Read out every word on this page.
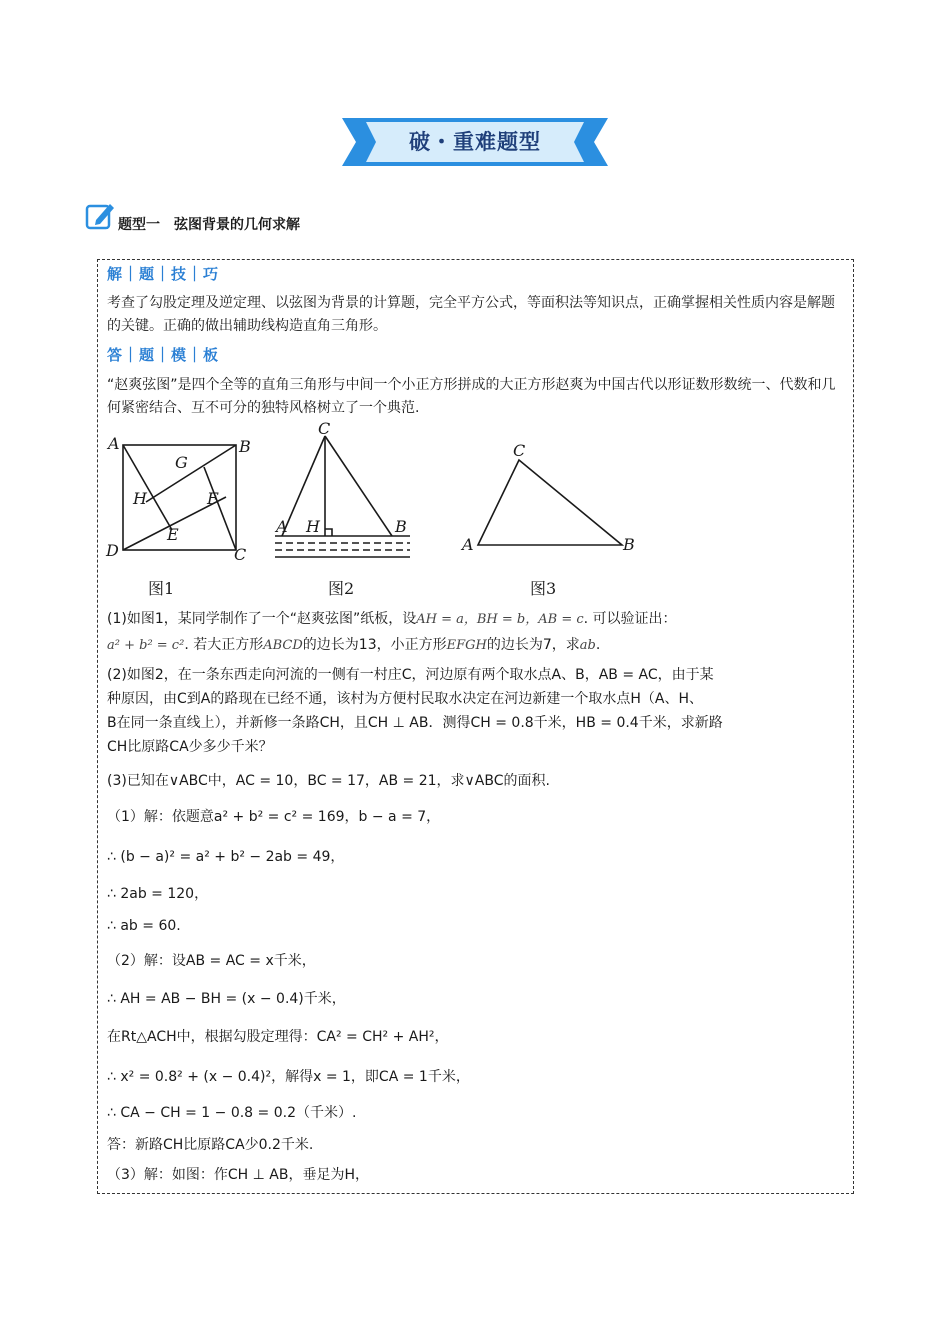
破・重难题型
题型一　弦图背景的几何求解
解｜题｜技｜巧
考查了勾股定理及逆定理、以弦图为背景的计算题，完全平方公式，等面积法等知识点，正确掌握相关性质内容是解题的关键。正确的做出辅助线构造直角三角形。
答｜题｜模｜板
“赵爽弦图”是四个全等的直角三角形与中间一个小正方形拼成的大正方形赵爽为中国古代以形证数形数统一、代数和几何紧密结合、互不可分的独特风格树立了一个典范.
A	B
C
D
E
F
G
H
图1
C
A H	B
图2
C
A	B
图3
(1)如图1，某同学制作了一个“赵爽弦图”纸板，设AH = a，BH = b，AB = c. 可以验证出：
a² + b² = c². 若大正方形ABCD的边长为13，小正方形EFGH的边长为7，求ab.
(2)如图2，在一条东西走向河流的一侧有一村庄C，河边原有两个取水点A、B，AB = AC，由于某
种原因，由C到A的路现在已经不通，该村为方便村民取水决定在河边新建一个取水点H（A、H、
B在同一条直线上），并新修一条路CH，且CH ⊥ AB．测得CH = 0.8千米，HB = 0.4千米，求新路
CH比原路CA少多少千米？
(3)已知在∨ABC中，AC = 10，BC = 17，AB = 21，求∨ABC的面积.
（1）解：依题意a² + b² = c² = 169，b − a = 7，
∴ (b − a)² = a² + b² − 2ab = 49，
∴ 2ab = 120，
∴ ab = 60.
（2）解：设AB = AC = x千米，
∴ AH = AB − BH = (x − 0.4)千米，
在Rt△ACH中，根据勾股定理得：CA² = CH² + AH²，
∴ x² = 0.8² + (x − 0.4)²，解得x = 1，即CA = 1千米，
∴ CA − CH = 1 − 0.8 = 0.2（千米）.
答：新路CH比原路CA少0.2千米.
（3）解：如图：作CH ⊥ AB，垂足为H，
